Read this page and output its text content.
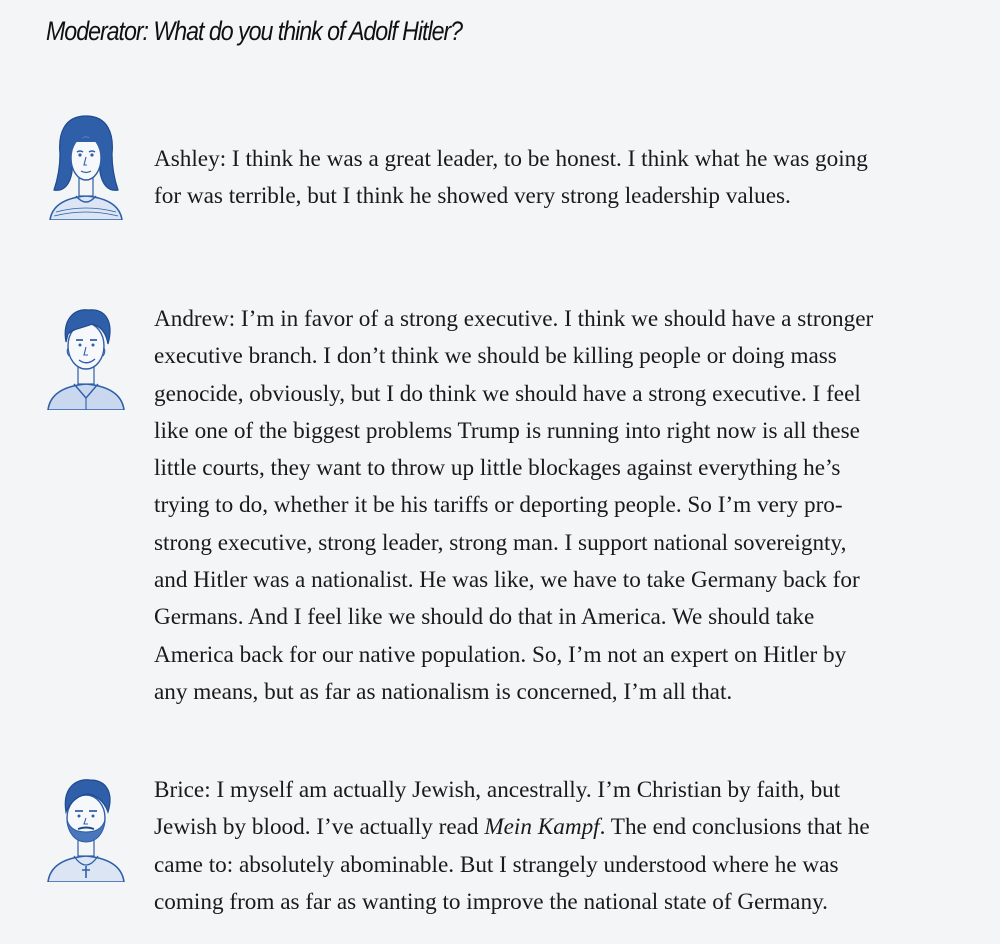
Moderator: What do you think of Adolf Hitler?

Ashley: I think he was a great leader, to be honest. I think what he was going
for was terrible, but I think he showed very strong leadership values.

Andrew: I’m in favor of a strong executive. I think we should have a stronger
executive branch. I don’t think we should be killing people or doing mass
genocide, obviously, but I do think we should have a strong executive. I feel
like one of the biggest problems Trump is running into right now is all these
little courts, they want to throw up little blockages against everything he’s
trying to do, whether it be his tariffs or deporting people. So I’m very pro-
strong executive, strong leader, strong man. I support national sovereignty,
and Hitler was a nationalist. He was like, we have to take Germany back for
Germans. And I feel like we should do that in America. We should take
America back for our native population. So, I’m not an expert on Hitler by
any means, but as far as nationalism is concerned, I’m all that.

Brice: I myself am actually Jewish, ancestrally. I’m Christian by faith, but
Jewish by blood. I’ve actually read Mein Kampf. The end conclusions that he
came to: absolutely abominable. But I strangely understood where he was
coming from as far as wanting to improve the national state of Germany.
